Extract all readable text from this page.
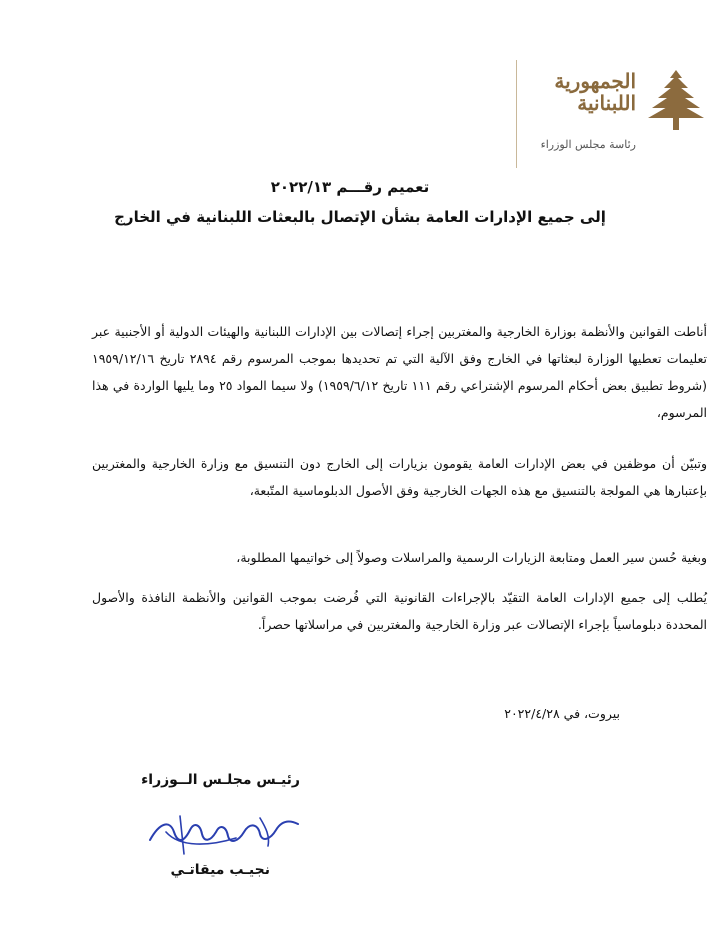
الجمهورية
اللبنانية
رئاسة مجلس الوزراء
تعميم رقـــم ٢٠٢٢/١٣
إلى جميع الإدارات العامة بشأن الإتصال بالبعثات اللبنانية في الخارج
أناطت القوانين والأنظمة بوزارة الخارجية والمغتربين إجراء إتصالات بين الإدارات اللبنانية والهيئات الدولية أو الأجنبية عبر تعليمات تعطيها الوزارة لبعثاتها في الخارج وفق الآلية التي تم تحديدها بموجب المرسوم رقم ٢٨٩٤ تاريخ ١٩٥٩/١٢/١٦ (شروط تطبيق بعض أحكام المرسوم الإشتراعي رقم ١١١ تاريخ ١٩٥٩/٦/١٢) ولا سيما المواد ٢٥ وما يليها الواردة في هذا المرسوم،
وتبيّن أن موظفين في بعض الإدارات العامة يقومون بزيارات إلى الخارج دون التنسيق مع وزارة الخارجية والمغتربين بإعتبارها هي المولجة بالتنسيق مع هذه الجهات الخارجية وفق الأصول الدبلوماسية المتّبعة،
وبغية حُسن سير العمل ومتابعة الزيارات الرسمية والمراسلات وصولاً إلى خواتيمها المطلوبة،
يُطلب إلى جميع الإدارات العامة التقيّد بالإجراءات القانونية التي فُرضت بموجب القوانين والأنظمة النافذة والأصول المحددة دبلوماسياً بإجراء الإتصالات عبر وزارة الخارجية والمغتربين في مراسلاتها حصراً.
بيروت، في ٢٠٢٢/٤/٢٨
رئيـس مجلـس الــوزراء
نجيـب ميقاتـي
